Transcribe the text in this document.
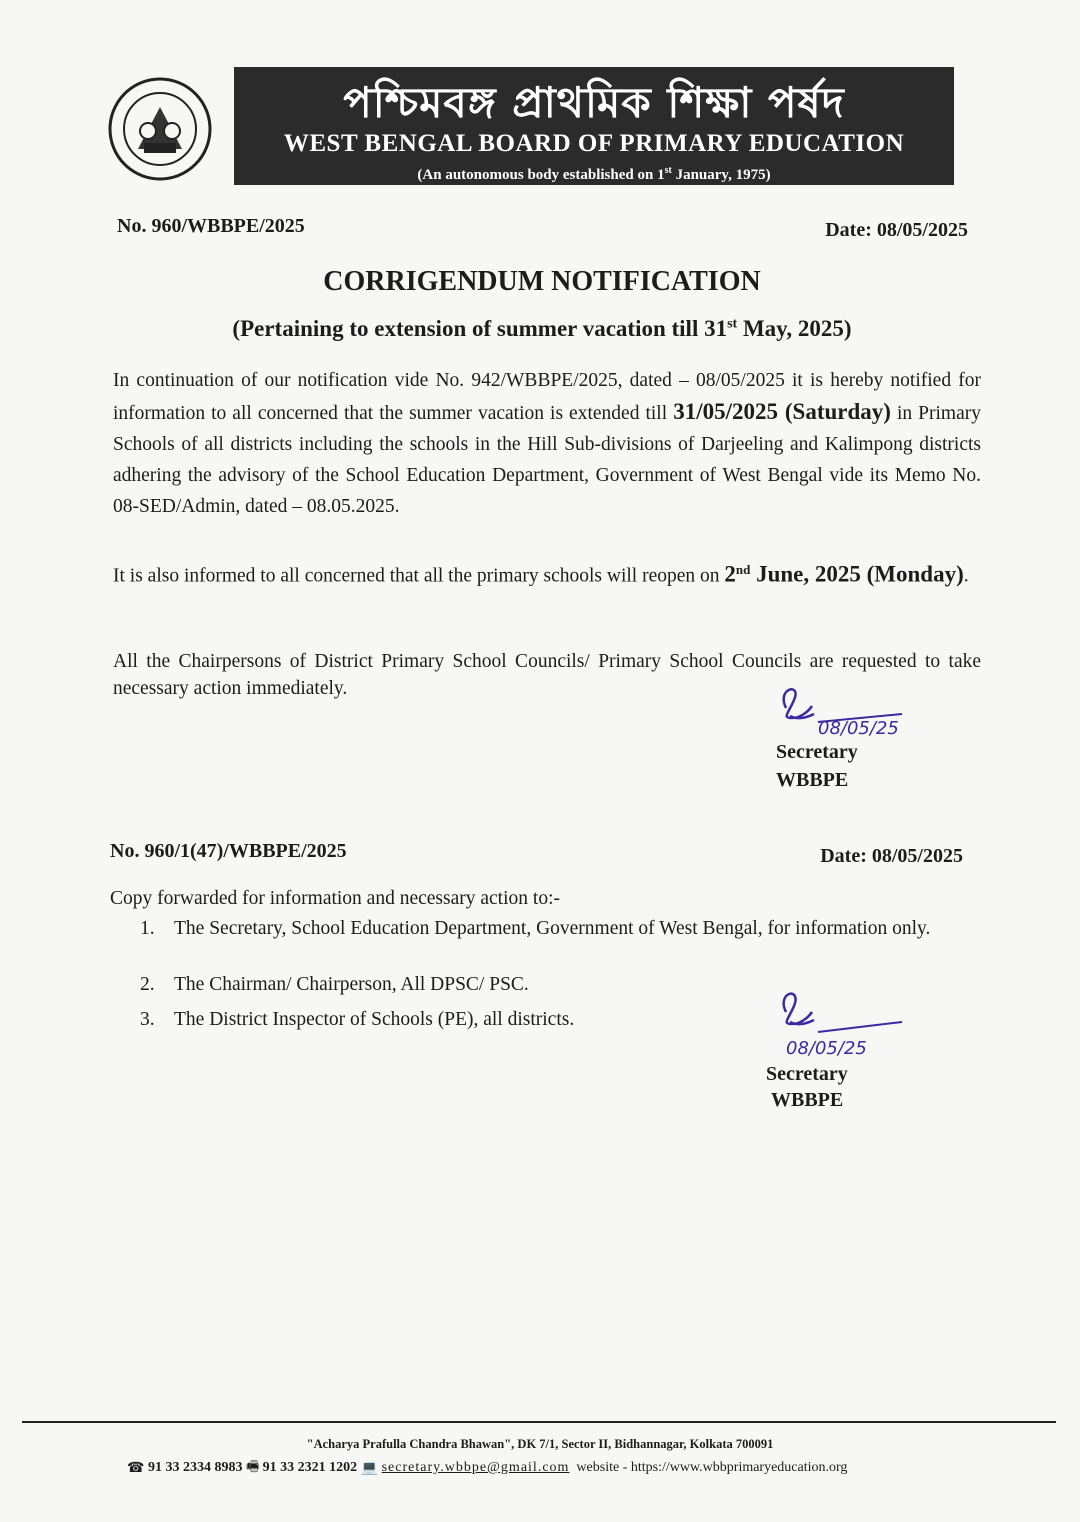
পশ্চিমবঙ্গ প্রাথমিক শিক্ষা পর্ষদ
WEST BENGAL BOARD OF PRIMARY EDUCATION
(An autonomous body established on 1st January, 1975)
No. 960/WBBPE/2025	Date: 08/05/2025
CORRIGENDUM NOTIFICATION
(Pertaining to extension of summer vacation till 31st May, 2025)
In continuation of our notification vide No. 942/WBBPE/2025, dated – 08/05/2025 it is hereby notified for information to all concerned that the summer vacation is extended till 31/05/2025 (Saturday) in Primary Schools of all districts including the schools in the Hill Sub-divisions of Darjeeling and Kalimpong districts adhering the advisory of the School Education Department, Government of West Bengal vide its Memo No. 08-SED/Admin, dated – 08.05.2025.
It is also informed to all concerned that all the primary schools will reopen on 2nd June, 2025 (Monday).
All the Chairpersons of District Primary School Councils/ Primary School Councils are requested to take necessary action immediately.
08/05/25
Secretary
WBBPE
No. 960/1(47)/WBBPE/2025	Date: 08/05/2025
Copy forwarded for information and necessary action to:-
1. The Secretary, School Education Department, Government of West Bengal, for information only.
2. The Chairman/ Chairperson, All DPSC/ PSC.
3. The District Inspector of Schools (PE), all districts.
08/05/25
Secretary
WBBPE
"Acharya Prafulla Chandra Bhawan", DK 7/1, Sector II, Bidhannagar, Kolkata 700091
☎ 91 33 2334 8983 🖷 91 33 2321 1202 💻 secretary.wbbpe@gmail.com website - https://www.wbbprimaryeducation.org
